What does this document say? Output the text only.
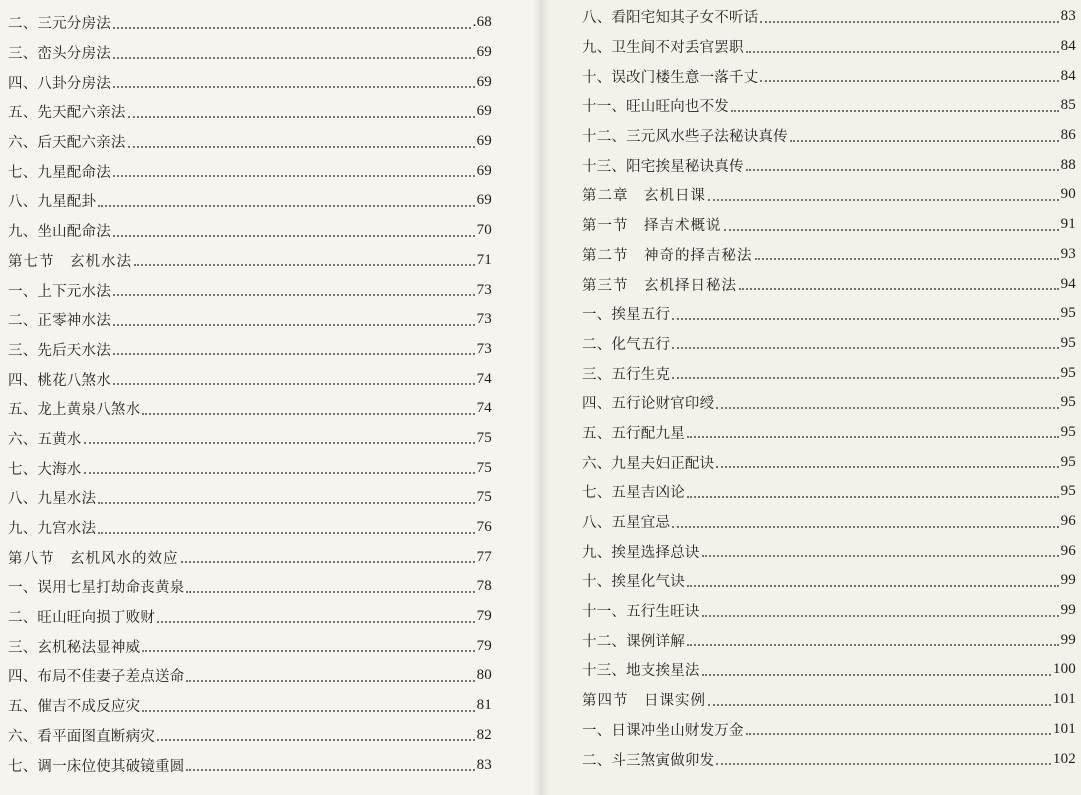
二、三元分房法	.68
三、峦头分房法	69
四、八卦分房法	69
五、先天配六亲法	69
六、后天配六亲法	69
七、九星配命法	69
八、九星配卦	69
九、坐山配命法	70
第七节　玄机水法	71
一、上下元水法	73
二、正零神水法	73
三、先后天水法	73
四、桃花八煞水	74
五、龙上黄泉八煞水	74
六、五黄水	75
七、大海水	75
八、九星水法	75
九、九宫水法	76
第八节　玄机风水的效应	77
一、误用七星打劫命丧黄泉	78
二、旺山旺向损丁败财	79
三、玄机秘法显神威	79
四、布局不佳妻子差点送命	80
五、催吉不成反应灾	81
六、看平面图直断病灾	82
七、调一床位使其破镜重圆	83
八、看阳宅知其子女不听话	83
九、卫生间不对丢官罢职	84
十、误改门楼生意一落千丈	84
十一、旺山旺向也不发	85
十二、三元风水些子法秘诀真传	86
十三、阳宅挨星秘诀真传	88
第二章　玄机日课	90
第一节　择吉术概说	91
第二节　神奇的择吉秘法	93
第三节　玄机择日秘法	94
一、挨星五行	95
二、化气五行	95
三、五行生克	95
四、五行论财官印绶	95
五、五行配九星	95
六、九星夫妇正配诀	95
七、五星吉凶论	95
八、五星宜忌	96
九、挨星选择总诀	96
十、挨星化气诀	99
十一、五行生旺诀	99
十二、课例详解	99
十三、地支挨星法	100
第四节　日课实例	101
一、日课冲坐山财发万金	101
二、斗三煞寅做卯发	102
